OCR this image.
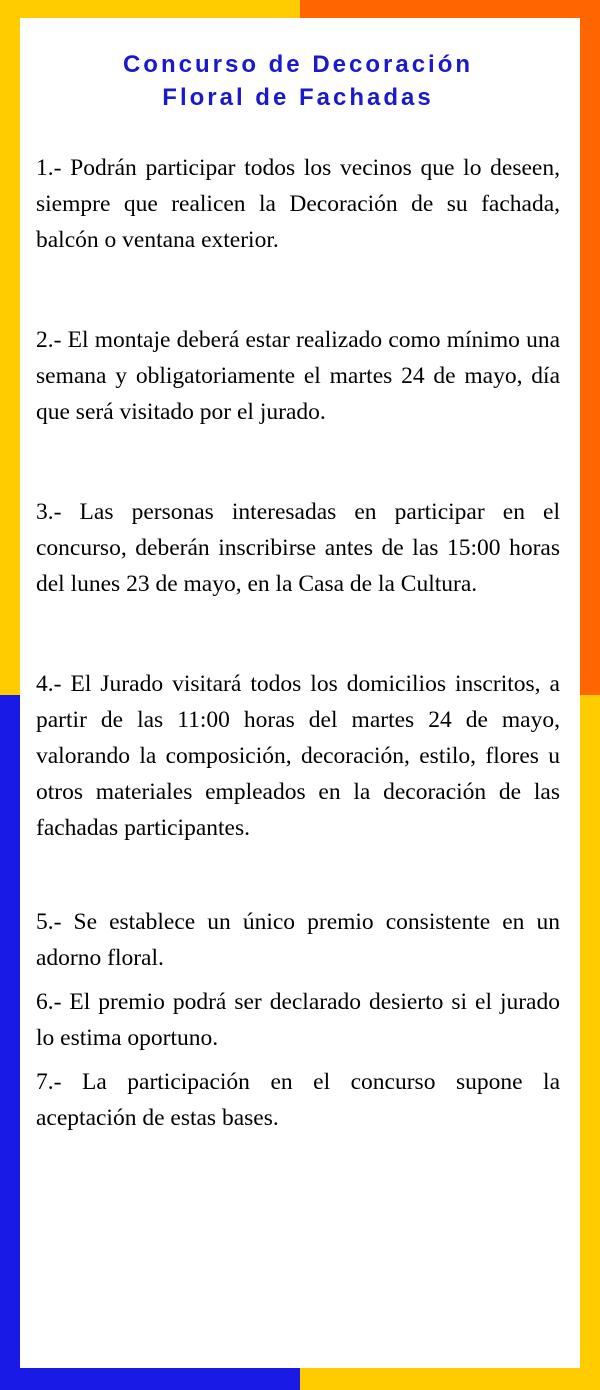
Concurso de Decoración
Floral de Fachadas

1.- Podrán participar todos los vecinos que lo deseen, siempre que realicen la Decoración de su fachada, balcón o ventana exterior.

2.- El montaje deberá estar realizado como mínimo una semana y obligatoriamente el martes 24 de mayo, día que será visitado por el jurado.

3.- Las personas interesadas en participar en el concurso, deberán inscribirse antes de las 15:00 horas del lunes 23 de mayo, en la Casa de la Cultura.

4.- El Jurado visitará todos los domicilios inscritos, a partir de las 11:00 horas del martes 24 de mayo, valorando la composición, decoración, estilo, flores u otros materiales empleados en la decoración de las fachadas participantes.

5.- Se establece un único premio consistente en un adorno floral.

6.- El premio podrá ser declarado desierto si el jurado lo estima oportuno.

7.- La participación en el concurso supone la aceptación de estas bases.
